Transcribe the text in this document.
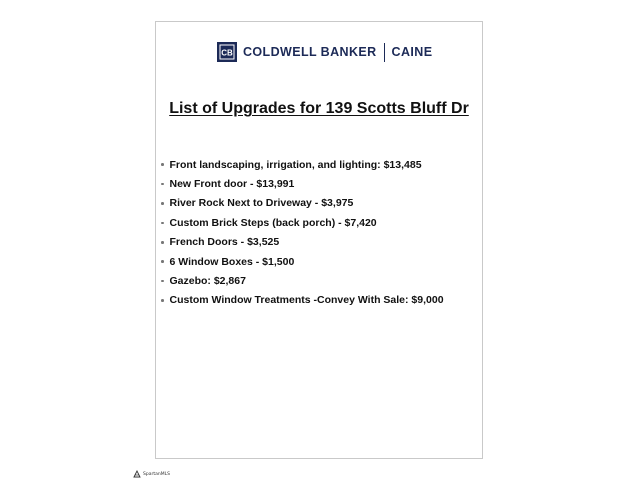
CB COLDWELL BANKER CAINE
List of Upgrades for 139 Scotts Bluff Dr
Front landscaping, irrigation, and lighting: $13,485
New Front door - $13,991
River Rock Next to Driveway - $3,975
Custom Brick Steps (back porch) - $7,420
French Doors - $3,525
6 Window Boxes - $1,500
Gazebo: $2,867
Custom Window Treatments -Convey With Sale: $9,000
SpartanMLS
